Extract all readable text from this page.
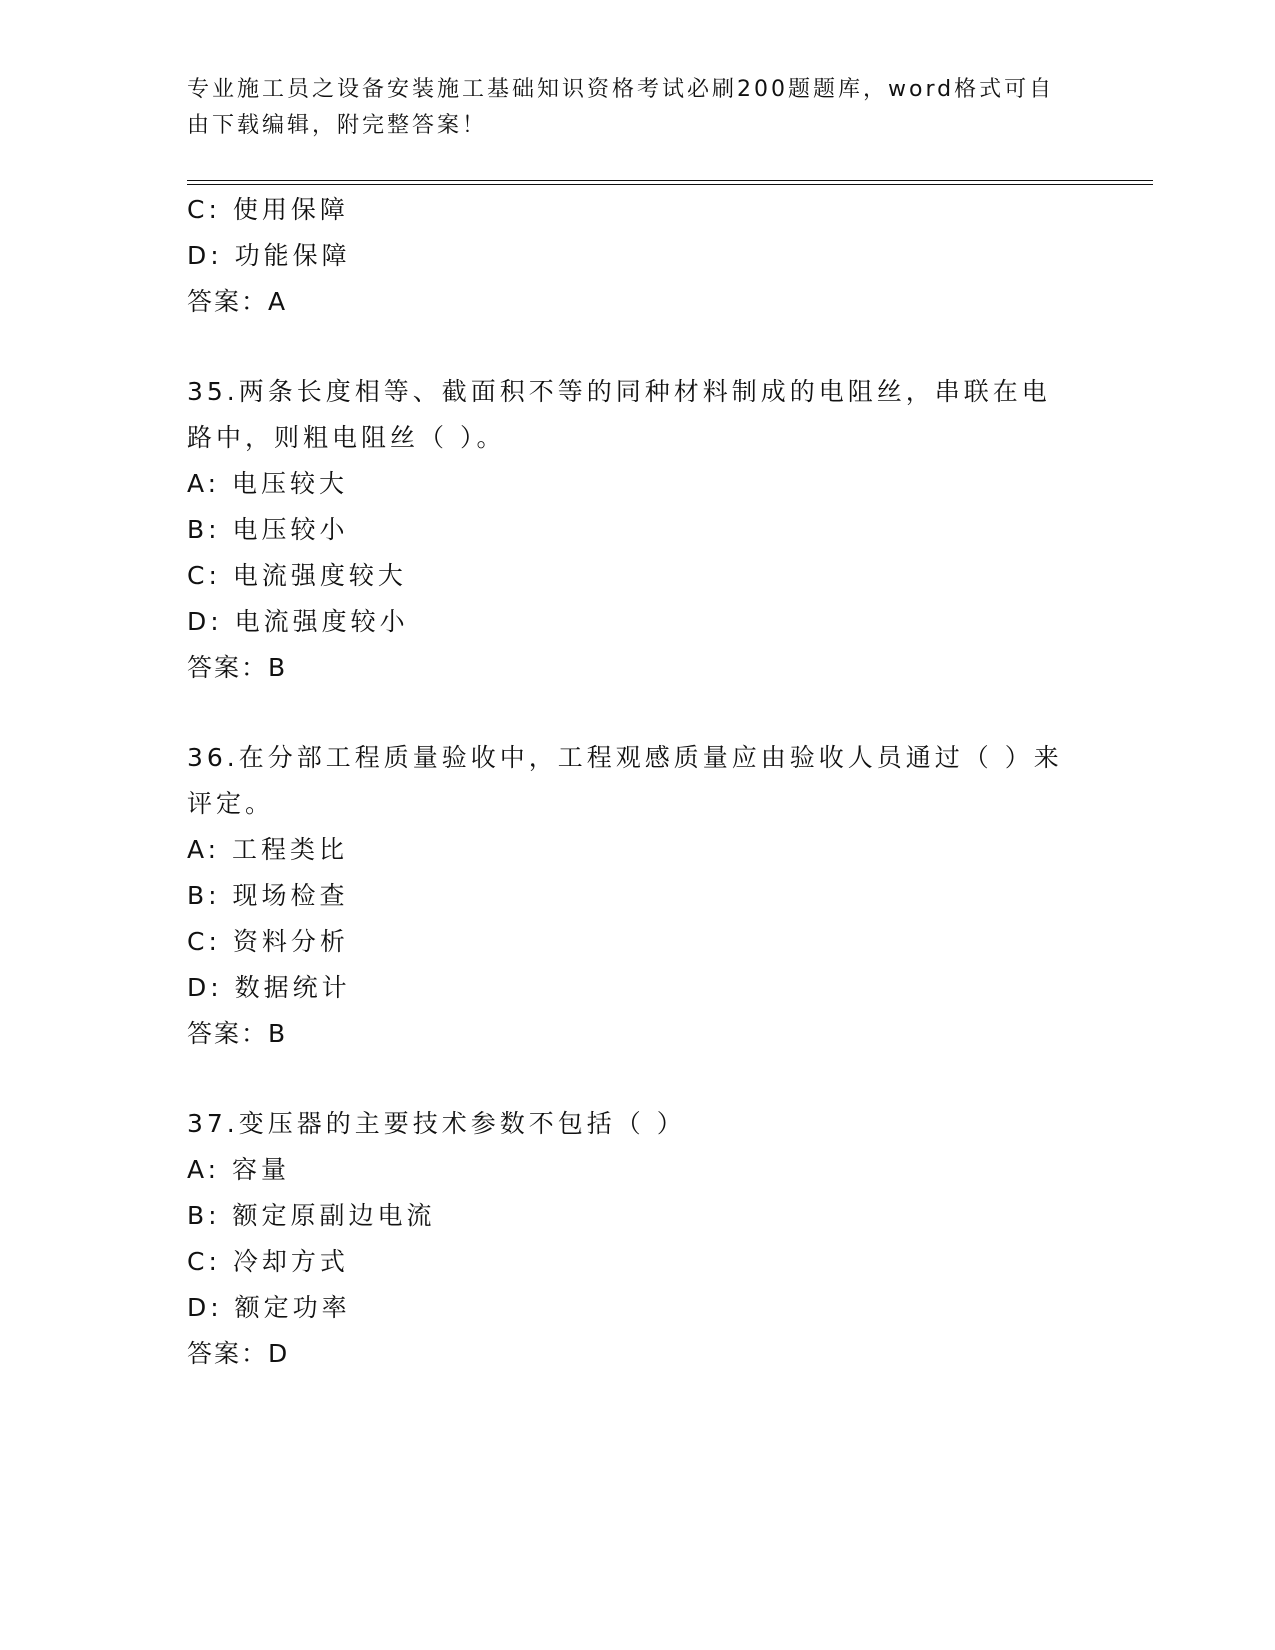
专业施工员之设备安装施工基础知识资格考试必刷200题题库，word格式可自由下载编辑，附完整答案！
C: 使用保障
D: 功能保障
答案：A
35.两条长度相等、截面积不等的同种材料制成的电阻丝，串联在电路中，则粗电阻丝（ ）。
A: 电压较大
B: 电压较小
C: 电流强度较大
D: 电流强度较小
答案：B
36.在分部工程质量验收中，工程观感质量应由验收人员通过（ ）来评定。
A: 工程类比
B: 现场检查
C: 资料分析
D: 数据统计
答案：B
37.变压器的主要技术参数不包括（ ）
A: 容量
B: 额定原副边电流
C: 冷却方式
D: 额定功率
答案：D
